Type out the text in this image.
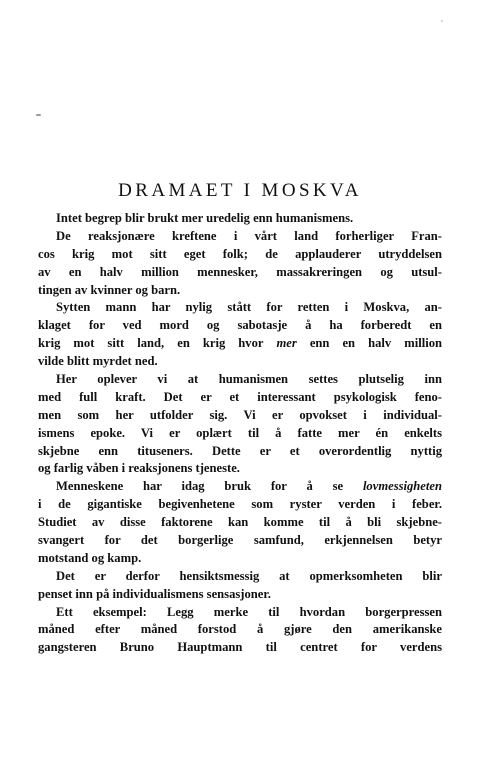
DRAMAET I MOSKVA
Intet begrep blir brukt mer uredelig enn humanismens.
De reaksjonære kreftene i vårt land forherliger Fran-
cos krig mot sitt eget folk; de applauderer utryddelsen
av en halv million mennesker, massakreringen og utsul-
tingen av kvinner og barn.
Sytten mann har nylig stått for retten i Moskva, an-
klaget for ved mord og sabotasje å ha forberedt en
krig mot sitt land, en krig hvor mer enn en halv million
vilde blitt myrdet ned.
Her oplever vi at humanismen settes plutselig inn
med full kraft. Det er et interessant psykologisk feno-
men som her utfolder sig. Vi er opvokset i individual-
ismens epoke. Vi er oplært til å fatte mer én enkelts
skjebne enn tituseners. Dette er et overordentlig nyttig
og farlig våben i reaksjonens tjeneste.
Menneskene har idag bruk for å se lovmessigheten
i de gigantiske begivenhetene som ryster verden i feber.
Studiet av disse faktorene kan komme til å bli skjebne-
svangert for det borgerlige samfund, erkjennelsen betyr
motstand og kamp.
Det er derfor hensiktsmessig at opmerksomheten blir
penset inn på individualismens sensasjoner.
Ett eksempel: Legg merke til hvordan borgerpressen
måned efter måned forstod å gjøre den amerikanske
gangsteren Bruno Hauptmann til centret for verdens
